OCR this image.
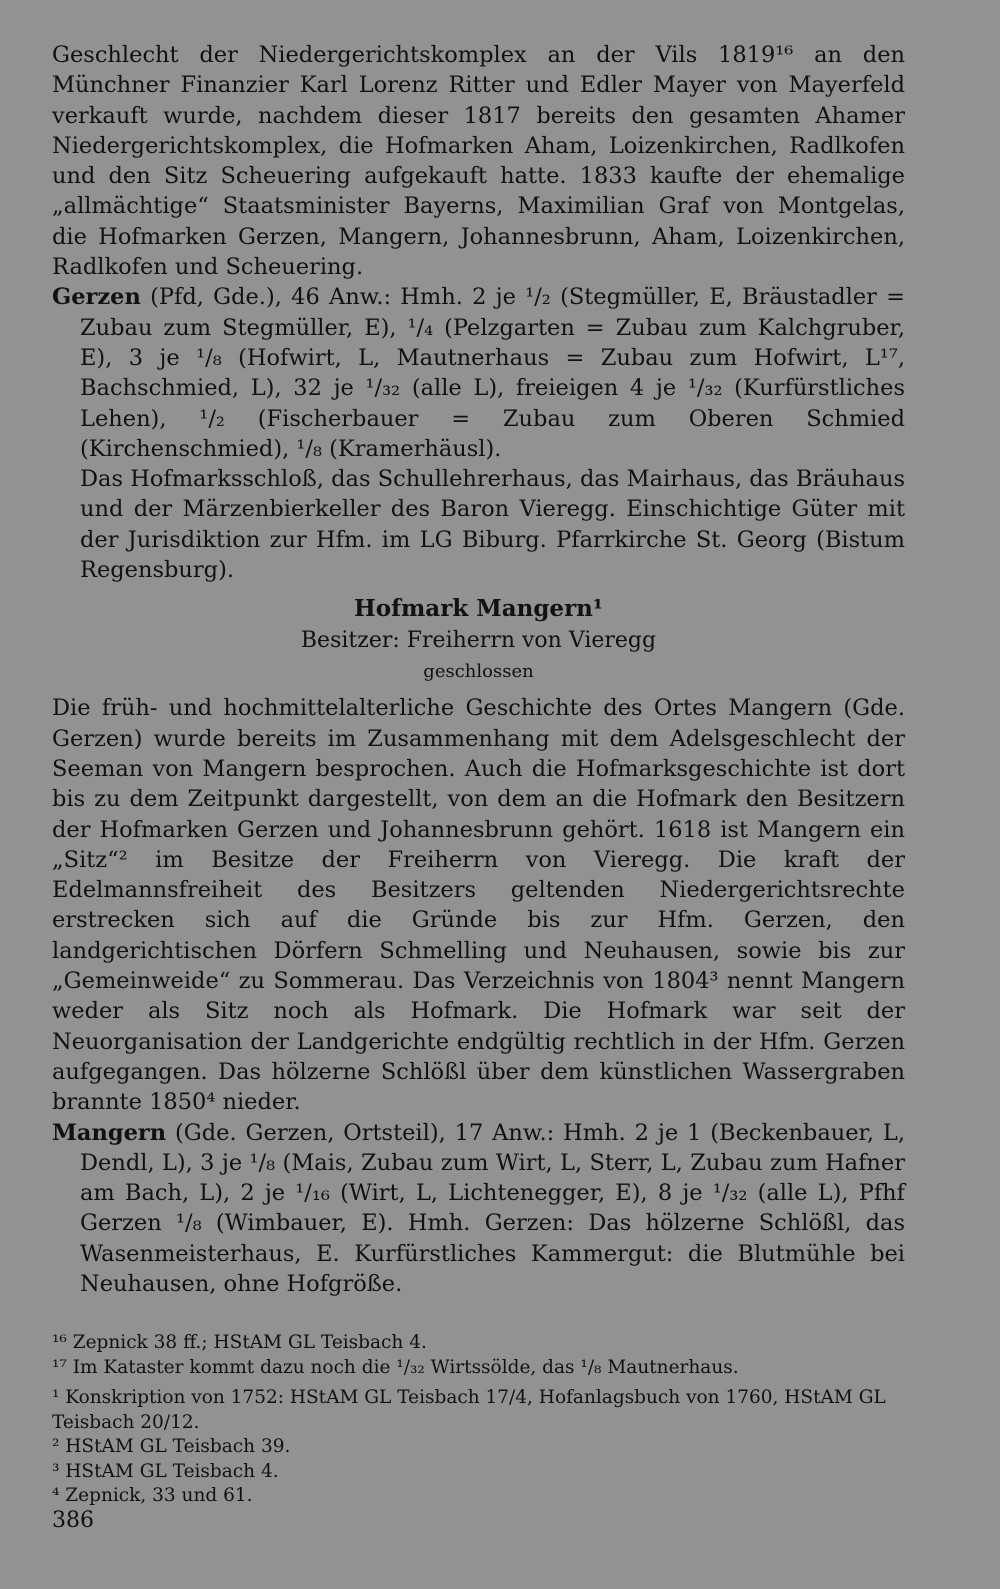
Geschlecht der Niedergerichtskomplex an der Vils 1819¹⁶ an den Münchner Finanzier Karl Lorenz Ritter und Edler Mayer von Mayerfeld verkauft wurde, nachdem dieser 1817 bereits den gesamten Ahamer Niedergerichtskomplex, die Hofmarken Aham, Loizenkirchen, Radlkofen und den Sitz Scheuering aufgekauft hatte. 1833 kaufte der ehemalige „allmächtige“ Staatsminister Bayerns, Maximilian Graf von Montgelas, die Hofmarken Gerzen, Mangern, Johannesbrunn, Aham, Loizenkirchen, Radlkofen und Scheuering.

Gerzen (Pfd, Gde.), 46 Anw.: Hmh. 2 je ¹/₂ (Stegmüller, E, Bräustadler = Zubau zum Stegmüller, E), ¹/₄ (Pelzgarten = Zubau zum Kalchgruber, E), 3 je ¹/₈ (Hofwirt, L, Mautnerhaus = Zubau zum Hofwirt, L¹⁷, Bachschmied, L), 32 je ¹/₃₂ (alle L), freieigen 4 je ¹/₃₂ (Kurfürstliches Lehen), ¹/₂ (Fischerbauer = Zubau zum Oberen Schmied (Kirchenschmied), ¹/₈ (Kramerhäusl).

Das Hofmarksschloß, das Schullehrerhaus, das Mairhaus, das Bräuhaus und der Märzenbierkeller des Baron Vieregg. Einschichtige Güter mit der Jurisdiktion zur Hfm. im LG Biburg. Pfarrkirche St. Georg (Bistum Regensburg).

Hofmark Mangern¹

Besitzer: Freiherrn von Vieregg

geschlossen

Die früh- und hochmittelalterliche Geschichte des Ortes Mangern (Gde. Gerzen) wurde bereits im Zusammenhang mit dem Adelsgeschlecht der Seeman von Mangern besprochen. Auch die Hofmarksgeschichte ist dort bis zu dem Zeitpunkt dargestellt, von dem an die Hofmark den Besitzern der Hofmarken Gerzen und Johannesbrunn gehört. 1618 ist Mangern ein „Sitz“² im Besitze der Freiherrn von Vieregg. Die kraft der Edelmannsfreiheit des Besitzers geltenden Niedergerichtsrechte erstrecken sich auf die Gründe bis zur Hfm. Gerzen, den landgerichtischen Dörfern Schmelling und Neuhausen, sowie bis zur „Gemeinweide“ zu Sommerau. Das Verzeichnis von 1804³ nennt Mangern weder als Sitz noch als Hofmark. Die Hofmark war seit der Neuorganisation der Landgerichte endgültig rechtlich in der Hfm. Gerzen aufgegangen. Das hölzerne Schlößl über dem künstlichen Wassergraben brannte 1850⁴ nieder.

Mangern (Gde. Gerzen, Ortsteil), 17 Anw.: Hmh. 2 je 1 (Beckenbauer, L, Dendl, L), 3 je ¹/₈ (Mais, Zubau zum Wirt, L, Sterr, L, Zubau zum Hafner am Bach, L), 2 je ¹/₁₆ (Wirt, L, Lichtenegger, E), 8 je ¹/₃₂ (alle L), Pfhf Gerzen ¹/₈ (Wimbauer, E). Hmh. Gerzen: Das hölzerne Schlößl, das Wasenmeisterhaus, E. Kurfürstliches Kammergut: die Blutmühle bei Neuhausen, ohne Hofgröße.

¹⁶ Zepnick 38 ff.; HStAM GL Teisbach 4.

¹⁷ Im Kataster kommt dazu noch die ¹/₃₂ Wirtssölde, das ¹/₈ Mautnerhaus.

¹ Konskription von 1752: HStAM GL Teisbach 17/4, Hofanlagsbuch von 1760, HStAM GL Teisbach 20/12.

² HStAM GL Teisbach 39.

³ HStAM GL Teisbach 4.

⁴ Zepnick, 33 und 61.

386
